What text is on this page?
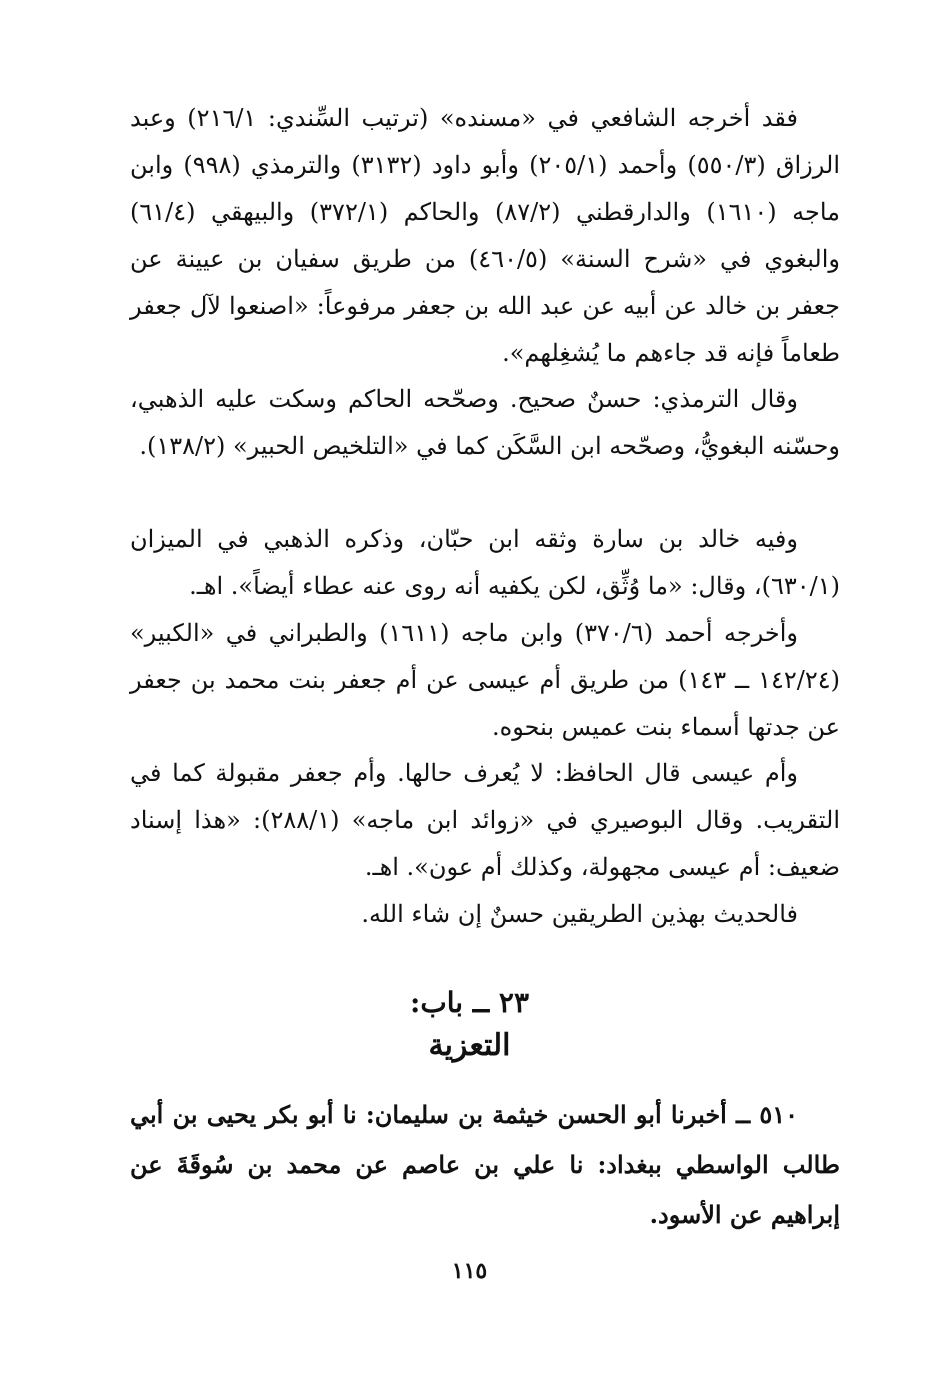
فقد أخرجه الشافعي في «مسنده» (ترتيب السِّندي: ٢١٦/١) وعبد الرزاق (٥٥٠/٣) وأحمد (٢٠٥/١) وأبو داود (٣١٣٢) والترمذي (٩٩٨) وابن ماجه (١٦١٠) والدارقطني (٨٧/٢) والحاكم (٣٧٢/١) والبيهقي (٦١/٤) والبغوي في «شرح السنة» (٤٦٠/٥) من طريق سفيان بن عيينة عن جعفر بن خالد عن أبيه عن عبد الله بن جعفر مرفوعاً: «اصنعوا لآل جعفر طعاماً فإنه قد جاءهم ما يُشغِلهم».

وقال الترمذي: حسنٌ صحيح. وصحّحه الحاكم وسكت عليه الذهبي، وحسّنه البغويُّ، وصحّحه ابن السَّكَن كما في «التلخيص الحبير» (١٣٨/٢).

وفيه خالد بن سارة وثقه ابن حبّان، وذكره الذهبي في الميزان (٦٣٠/١)، وقال: «ما وُثِّق، لكن يكفيه أنه روى عنه عطاء أيضاً». اهـ.

وأخرجه أحمد (٣٧٠/٦) وابن ماجه (١٦١١) والطبراني في «الكبير» (١٤٢/٢٤ ــ ١٤٣) من طريق أم عيسى عن أم جعفر بنت محمد بن جعفر عن جدتها أسماء بنت عميس بنحوه.

وأم عيسى قال الحافظ: لا يُعرف حالها. وأم جعفر مقبولة كما في التقريب. وقال البوصيري في «زوائد ابن ماجه» (٢٨٨/١): «هذا إسناد ضعيف: أم عيسى مجهولة، وكذلك أم عون». اهـ.

فالحديث بهذين الطريقين حسنٌ إن شاء الله.

٢٣ ــ باب:
التعزية

٥١٠ ــ أخبرنا أبو الحسن خيثمة بن سليمان: نا أبو بكر يحيى بن أبي طالب الواسطي ببغداد: نا علي بن عاصم عن محمد بن سُوقَةَ عن إبراهيم عن الأسود.

١١٥
